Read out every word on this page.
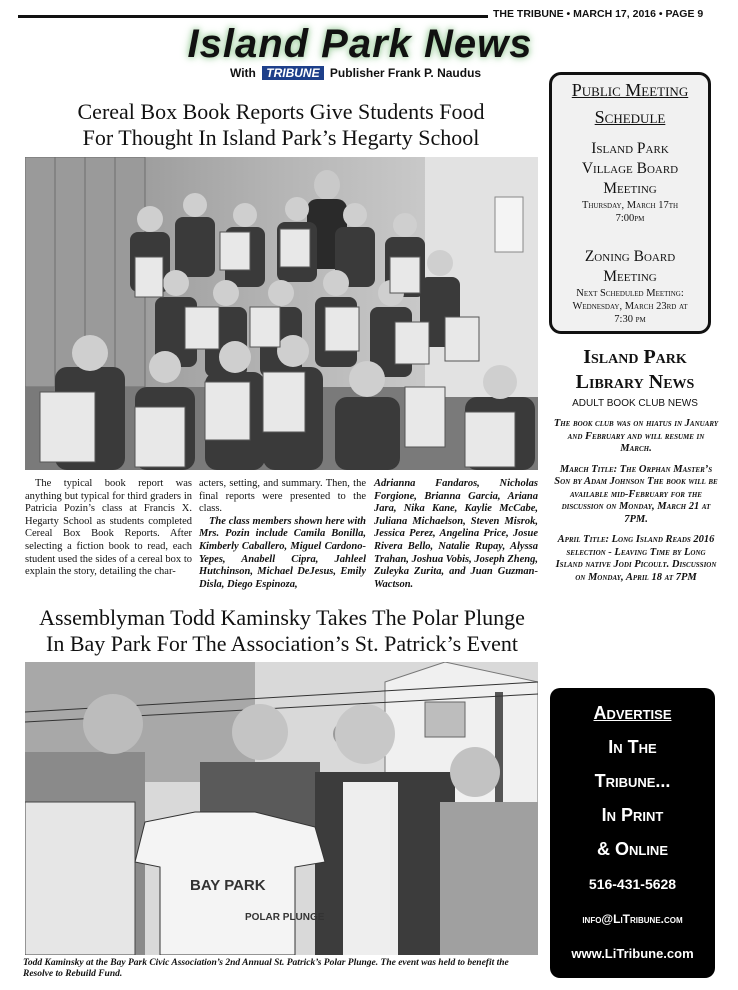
THE TRIBUNE • MARCH 17, 2016 • PAGE 9
Island Park News
With TRIBUNE Publisher Frank P. Naudus
Cereal Box Book Reports Give Students Food
For Thought In Island Park’s Hegarty School

The typical book report was anything but typical for third graders in Patricia Pozin’s class at Francis X. Hegarty School as students completed Cereal Box Book Reports. After selecting a fiction book to read, each student used the sides of a cereal box to explain the story, detailing the char-

acters, setting, and summary. Then, the final reports were presented to the class.

The class members shown here with Mrs. Pozin include Camila Bonilla, Kimberly Caballero, Miguel Cardono-Yepes, Anabell Cipra, Jahleel Hutchinson, Michael DeJesus, Emily Disla, Diego Espinoza,

Adrianna Fandaros, Nicholas Forgione, Brianna Garcia, Ariana Jara, Nika Kane, Kaylie McCabe, Juliana Michaelson, Steven Misrok, Jessica Perez, Angelina Price, Josue Rivera Bello, Natalie Rupay, Alyssa Trahan, Joshua Vobis, Joseph Zheng, Zuleyka Zurita, and Juan Guzman-Wactson.

Assemblyman Todd Kaminsky Takes The Polar Plunge
In Bay Park For The Association’s St. Patrick’s Event
BAY PARK
POLAR PLUNGE
Todd Kaminsky at the Bay Park Civic Association’s 2nd Annual St. Patrick’s Polar Plunge. The event was held to benefit the Resolve to Rebuild Fund.
Public Meeting
Schedule
Island Park
Village Board
Meeting
Thursday, March 17th
7:00pm
Zoning Board
Meeting
Next Scheduled Meeting:
Wednesday, March 23rd at
7:30 pm
Island Park
Library News
ADULT BOOK CLUB NEWS

The book club was on hiatus in January and February and will resume in March.

March Title: The Orphan Master’s Son by Adam Johnson The book will be available mid-February for the discussion on Monday, March 21 at 7PM.

April Title: Long Island Reads 2016 selection - Leaving Time by Long Island native Jodi Picoult. Discussion on Monday, April 18 at 7PM

Advertise
In The
Tribune...
In Print
& Online
516-431-5628
info@LiTribune.com
www.LiTribune.com
